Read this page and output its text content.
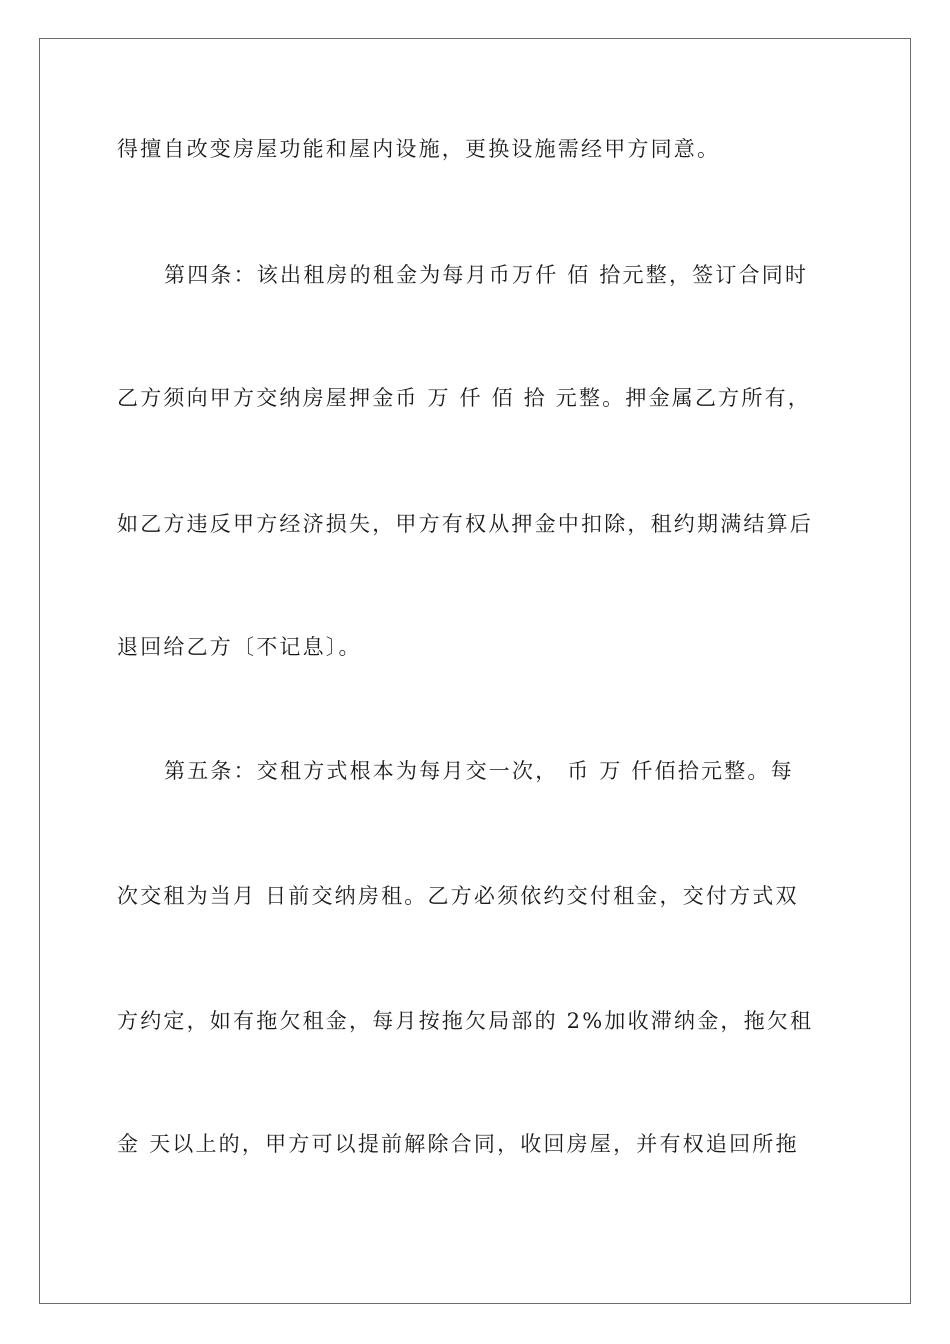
得擅自改变房屋功能和屋内设施，更换设施需经甲方同意。
第四条：该出租房的租金为每月币万仟 佰 拾元整，签订合同时
乙方须向甲方交纳房屋押金币 万 仟 佰 拾 元整。押金属乙方所有，
如乙方违反甲方经济损失，甲方有权从押金中扣除，租约期满结算后
退回给乙方〔不记息〕。
第五条：交租方式根本为每月交一次， 币 万 仟佰拾元整。每
次交租为当月 日前交纳房租。乙方必须依约交付租金，交付方式双
方约定，如有拖欠租金，每月按拖欠局部的 2%加收滞纳金，拖欠租
金 天以上的，甲方可以提前解除合同，收回房屋，并有权追回所拖
